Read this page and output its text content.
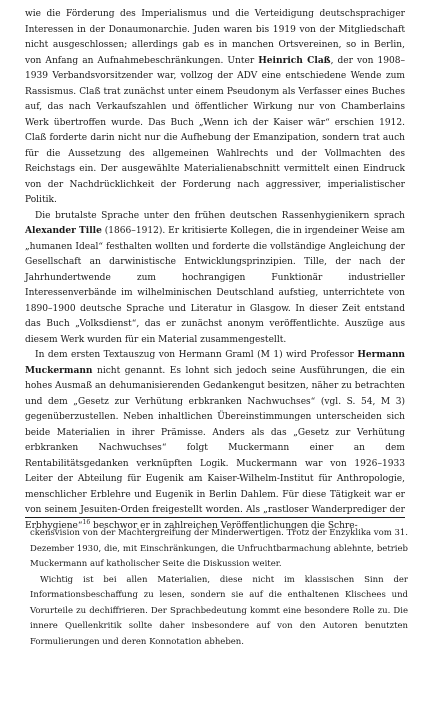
wie die Förderung des Imperialismus und die Verteidigung deutschsprachiger Interessen in der Donaumonarchie. Juden waren bis 1919 von der Mitgliedschaft nicht ausgeschlossen; allerdings gab es in manchen Ortsvereinen, so in Berlin, von Anfang an Aufnahmebeschränkungen. Unter Heinrich Claß, der von 1908–1939 Verbandsvorsitzender war, vollzog der ADV eine entschiedene Wende zum Rassismus. Claß trat zunächst unter einem Pseudonym als Verfasser eines Buches auf, das nach Verkaufszahlen und öffentlicher Wirkung nur von Chamberlains Werk übertroffen wurde. Das Buch „Wenn ich der Kaiser wär“ erschien 1912. Claß forderte darin nicht nur die Aufhebung der Emanzipation, sondern trat auch für die Aussetzung des allgemeinen Wahlrechts und der Vollmachten des Reichstags ein. Der ausgewählte Materialienabschnitt vermittelt einen Eindruck von der Nachdrücklichkeit der Forderung nach aggressiver, imperialistischer Politik.

Die brutalste Sprache unter den frühen deutschen Rassenhygienikern sprach Alexander Tille (1866–1912). Er kritisierte Kollegen, die in irgendeiner Weise am „humanen Ideal“ festhalten wollten und forderte die vollständige Angleichung der Gesellschaft an darwinistische Entwicklungsprinzipien. Tille, der nach der Jahrhundertwende zum hochrangigen Funktionär industrieller Interessenverbände im wilhelminischen Deutschland aufstieg, unterrichtete von 1890–1900 deutsche Sprache und Literatur in Glasgow. In dieser Zeit entstand das Buch „Volksdienst“, das er zunächst anonym veröffentlichte. Auszüge aus diesem Werk wurden für ein Material zusammengestellt.

In dem ersten Textauszug von Hermann Graml (M 1) wird Professor Hermann Muckermann nicht genannt. Es lohnt sich jedoch seine Ausführungen, die ein hohes Ausmaß an dehumanisierenden Gedankengut besitzen, näher zu betrachten und dem „Gesetz zur Verhütung erbkranken Nachwuchses“ (vgl. S. 54, M 3) gegenüberzustellen. Neben inhaltlichen Übereinstimmungen unterscheiden sich beide Materialien in ihrer Prämisse. Anders als das „Gesetz zur Verhütung erbkranken Nachwuchses“ folgt Muckermann einer an dem Rentabilitätsgedanken verknüpften Logik. Muckermann war von 1926–1933 Leiter der Abteilung für Eugenik am Kaiser-Wilhelm-Institut für Anthropologie, menschlicher Erblehre und Eugenik in Berlin Dahlem. Für diese Tätigkeit war er von seinem Jesuiten-Orden freigestellt worden. Als „rastloser Wanderprediger der Erbhygiene“$^{16}$ beschwor er in zahlreichen Veröffentlichungen die Schre-

ckensvision von der Machtergreifung der Minderwertigen. Trotz der Enzyklika vom 31. Dezember 1930, die, mit Einschränkungen, die Unfruchtbarmachung ablehnte, betrieb Muckermann auf katholischer Seite die Diskussion weiter.

Wichtig ist bei allen Materialien, diese nicht im klassischen Sinn der Informationsbeschaffung zu lesen, sondern sie auf die enthaltenen Klischees und Vorurteile zu dechiffrieren. Der Sprachbedeutung kommt eine besondere Rolle zu. Die innere Quellenkritik sollte daher insbesondere auf von den Autoren benutzten Formulierungen und deren Konnotation abheben.
